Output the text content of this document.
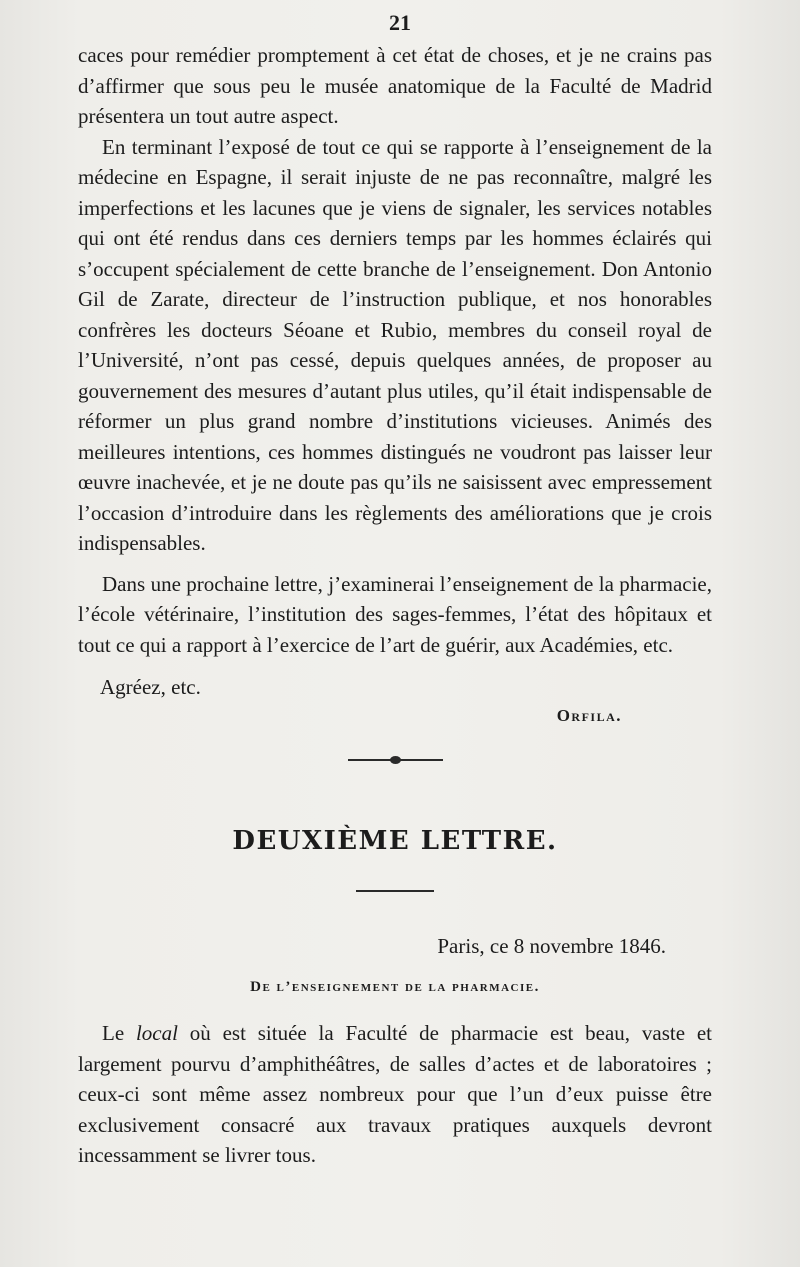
21

caces pour remédier promptement à cet état de choses, et je ne crains pas d’affirmer que sous peu le musée anatomique de la Faculté de Madrid présentera un tout autre aspect.

En terminant l’exposé de tout ce qui se rapporte à l’enseignement de la médecine en Espagne, il serait injuste de ne pas reconnaître, malgré les imperfections et les lacunes que je viens de signaler, les services notables qui ont été rendus dans ces derniers temps par les hommes éclairés qui s’occupent spécialement de cette branche de l’enseignement. Don Antonio Gil de Zarate, directeur de l’instruction publique, et nos honorables confrères les docteurs Séoane et Rubio, membres du conseil royal de l’Université, n’ont pas cessé, depuis quelques années, de proposer au gouvernement des mesures d’autant plus utiles, qu’il était indispensable de réformer un plus grand nombre d’institutions vicieuses. Animés des meilleures intentions, ces hommes distingués ne voudront pas laisser leur œuvre inachevée, et je ne doute pas qu’ils ne saisissent avec empressement l’occasion d’introduire dans les règlements des améliorations que je crois indispensables.

Dans une prochaine lettre, j’examinerai l’enseignement de la pharmacie, l’école vétérinaire, l’institution des sages-femmes, l’état des hôpitaux et tout ce qui a rapport à l’exercice de l’art de guérir, aux Académies, etc.

Agréez, etc.
Orfila.
DEUXIÈME LETTRE.
Paris, ce 8 novembre 1846.
De l’enseignement de la pharmacie.

Le local où est située la Faculté de pharmacie est beau, vaste et largement pourvu d’amphithéâtres, de salles d’actes et de laboratoires ; ceux-ci sont même assez nombreux pour que l’un d’eux puisse être exclusivement consacré aux travaux pratiques auxquels devront incessamment se livrer tous.
